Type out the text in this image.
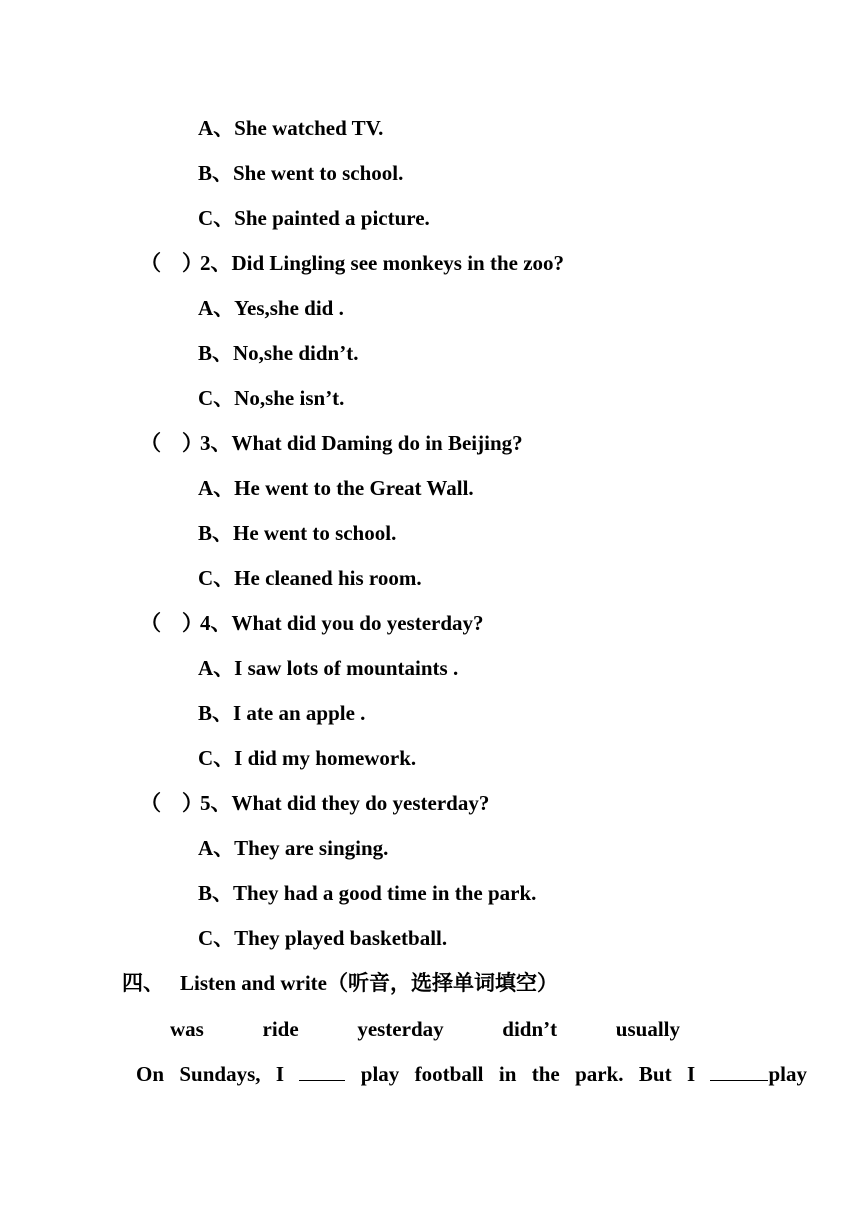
A、She watched TV.
B、She went to school.
C、She painted a picture.
（　）2、Did Lingling see monkeys in the zoo?
A、Yes,she did .
B、No,she didn’t.
C、No,she isn’t.
（　）3、What did Daming do in Beijing?
A、He went to the Great Wall.
B、He went to school.
C、He cleaned his room.
（　）4、What did you do yesterday?
A、I saw lots of mountaints .
B、I ate an apple .
C、I did my homework.
（　）5、What did they do yesterday?
A、They are singing.
B、They had a good time in the park.
C、They played basketball.
四、 Listen and write（听音，选择单词填空）
was	ride	yesterday	didn’t	usually
On Sundays, I	play football in the park. But I	play
